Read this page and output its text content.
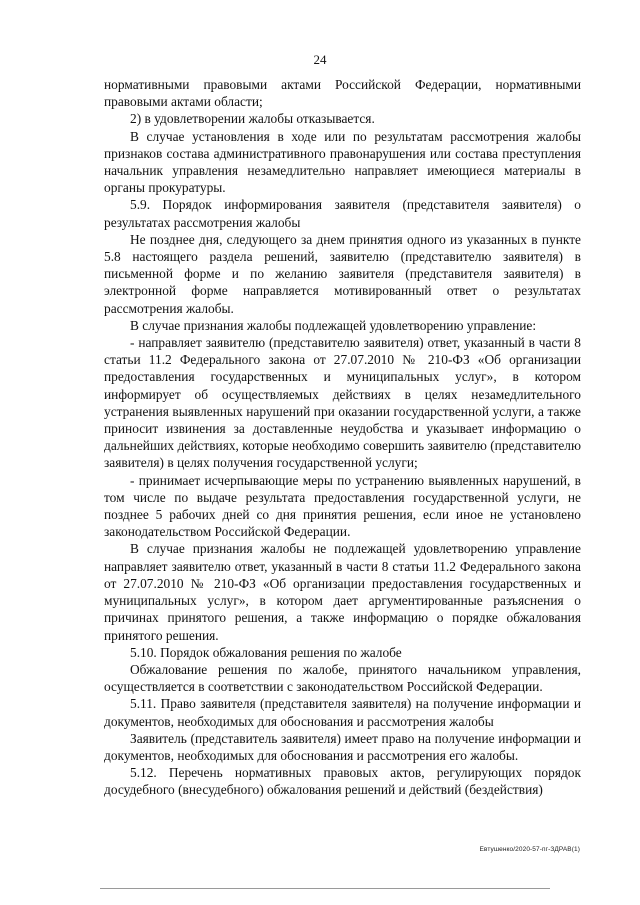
24

нормативными правовыми актами Российской Федерации, нормативными правовыми актами области;

2) в удовлетворении жалобы отказывается.

В случае установления в ходе или по результатам рассмотрения жалобы признаков состава административного правонарушения или состава преступления начальник управления незамедлительно направляет имеющиеся материалы в органы прокуратуры.

5.9. Порядок информирования заявителя (представителя заявителя) о результатах рассмотрения жалобы

Не позднее дня, следующего за днем принятия одного из указанных в пункте 5.8 настоящего раздела решений, заявителю (представителю заявителя) в письменной форме и по желанию заявителя (представителя заявителя) в электронной форме направляется мотивированный ответ о результатах рассмотрения жалобы.

В случае признания жалобы подлежащей удовлетворению управление:

- направляет заявителю (представителю заявителя) ответ, указанный в части 8 статьи 11.2 Федерального закона от 27.07.2010 № 210-ФЗ «Об организации предоставления государственных и муниципальных услуг», в котором информирует об осуществляемых действиях в целях незамедлительного устранения выявленных нарушений при оказании государственной услуги, а также приносит извинения за доставленные неудобства и указывает информацию о дальнейших действиях, которые необходимо совершить заявителю (представителю заявителя) в целях получения государственной услуги;

- принимает исчерпывающие меры по устранению выявленных нарушений, в том числе по выдаче результата предоставления государственной услуги, не позднее 5 рабочих дней со дня принятия решения, если иное не установлено законодательством Российской Федерации.

В случае признания жалобы не подлежащей удовлетворению управление направляет заявителю ответ, указанный в части 8 статьи 11.2 Федерального закона от 27.07.2010 № 210-ФЗ «Об организации предоставления государственных и муниципальных услуг», в котором дает аргументированные разъяснения о причинах принятого решения, а также информацию о порядке обжалования принятого решения.

5.10. Порядок обжалования решения по жалобе

Обжалование решения по жалобе, принятого начальником управления, осуществляется в соответствии с законодательством Российской Федерации.

5.11. Право заявителя (представителя заявителя) на получение информации и документов, необходимых для обоснования и рассмотрения жалобы

Заявитель (представитель заявителя) имеет право на получение информации и документов, необходимых для обоснования и рассмотрения его жалобы.

5.12. Перечень нормативных правовых актов, регулирующих порядок досудебного (внесудебного) обжалования решений и действий (бездействия)

Евтушенко/2020-57-пг-ЗДРАВ(1)
